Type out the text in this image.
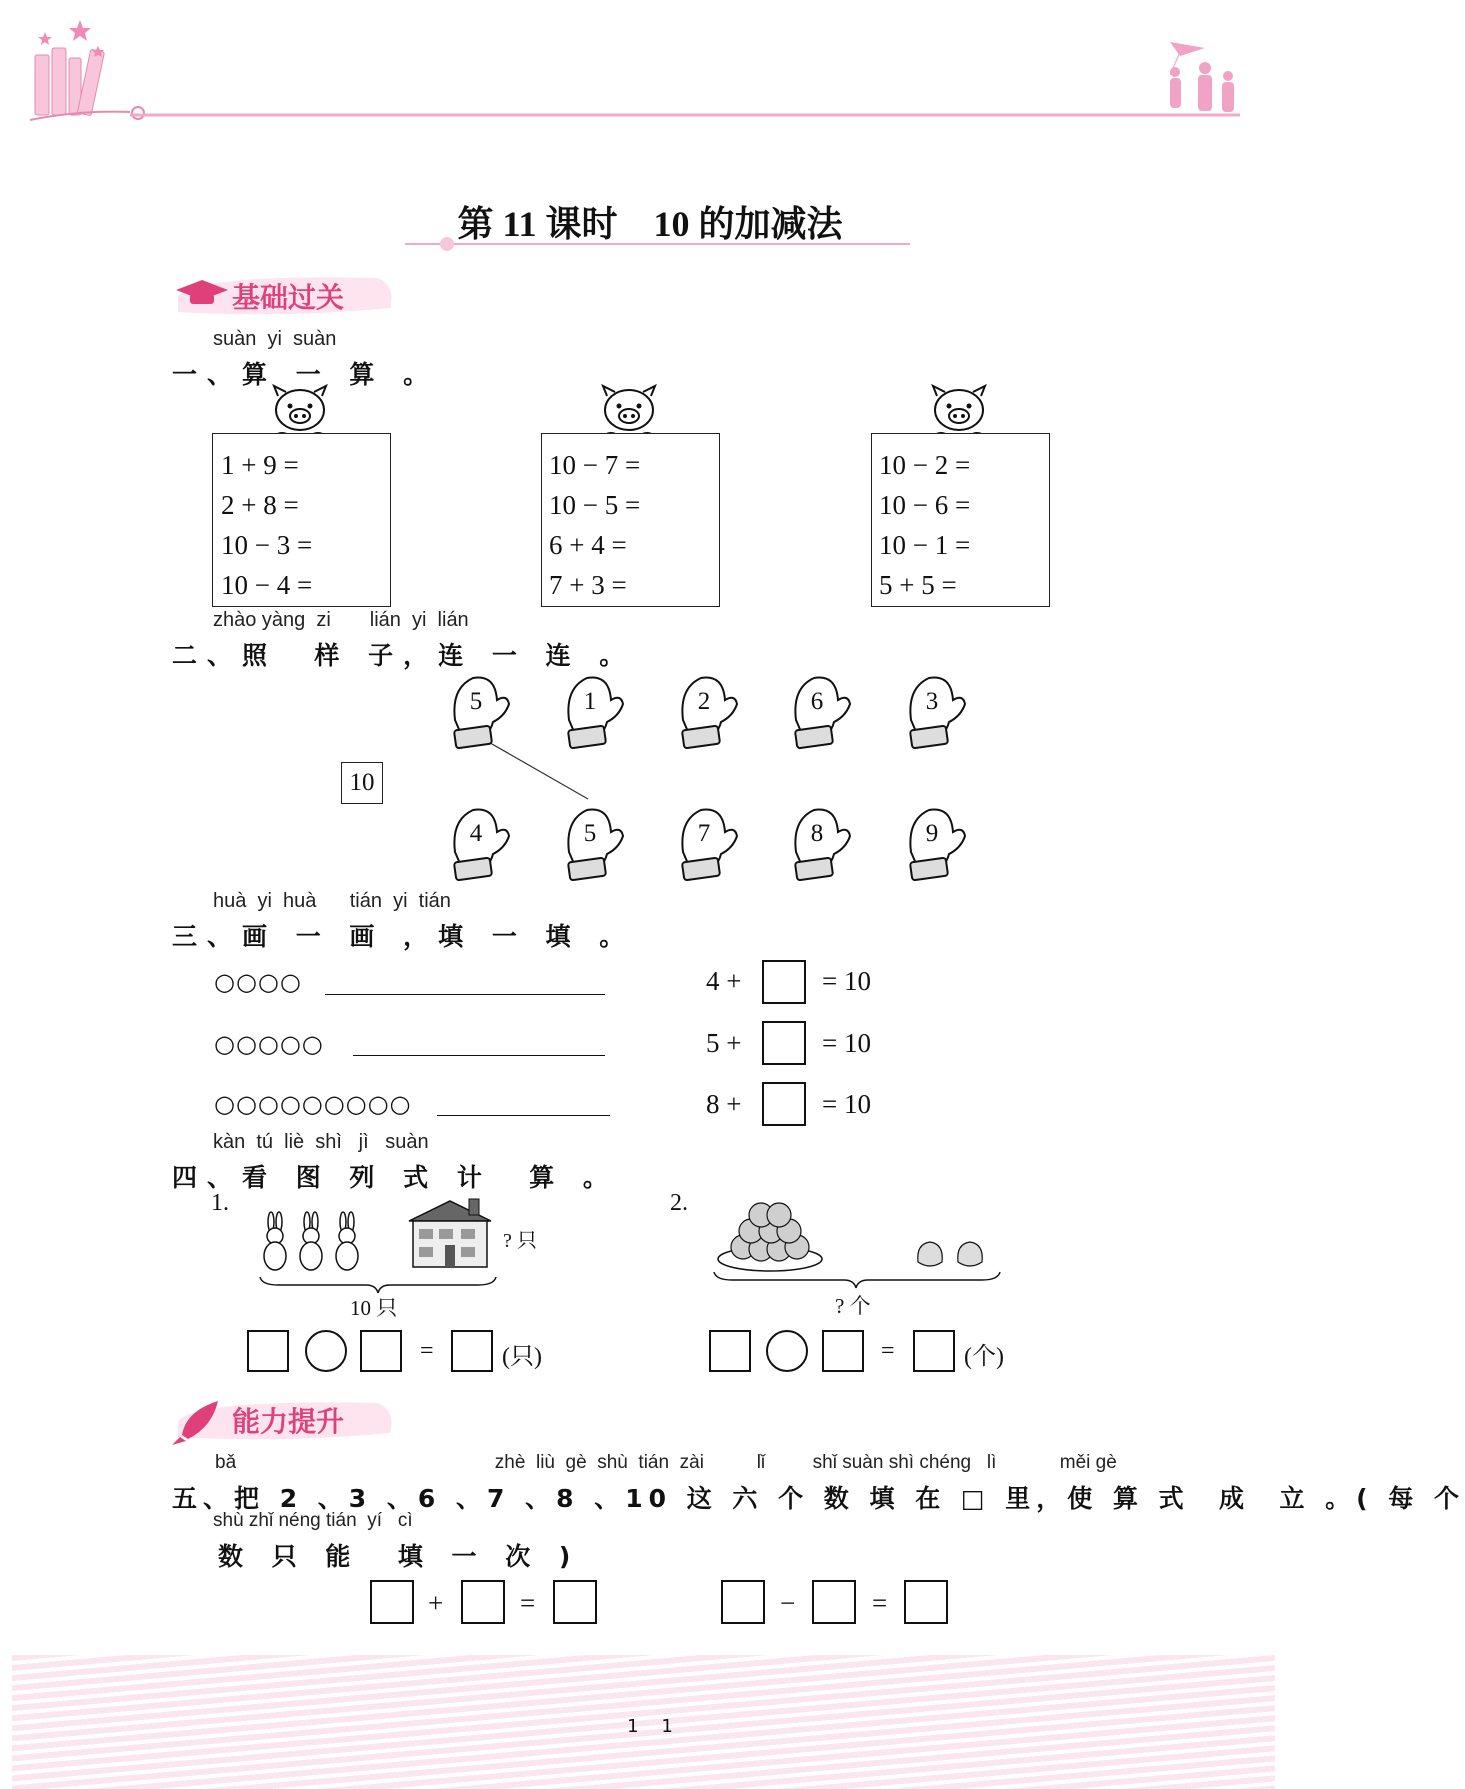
第 11 课时　10 的加减法
基础过关
suàn  yi  suàn
一、算 一 算 。
1 + 9 =
2 + 8 =
10 − 3 =
10 − 4 =
10 − 7 =
10 − 5 =
6 + 4 =
7 + 3 =
10 − 2 =
10 − 6 =
10 − 1 =
5 + 5 =
zhào yàng  zi       lián  yi  lián
二、照  样 子，连 一 连 。
10
5	1	2	6	3
4	5	7	8	9
huà  yi  huà      tián  yi  tián
三、画 一 画 ，填 一 填 。
○○○○
○○○○○
○○○○○○○○○
4 +	= 10
5 +	= 10
8 +	= 10
kàn  tú  liè  shì   jì   suàn
四、看 图 列 式 计  算 。
1.
? 只
10 只
=	(只)
2.
? 个
=	(个)
能力提升
bǎ                                                 zhè  liù  gè  shù  tián  zài          lǐ         shǐ suàn shì chéng   lì            měi gè
五、把 2 、3 、6 、7 、8 、10 这 六 个 数 填 在 □ 里，使 算 式  成  立 。( 每 个
shù zhǐ néng tián  yí   cì
数 只 能  填 一 次 )
+	=	−	=
1    1
